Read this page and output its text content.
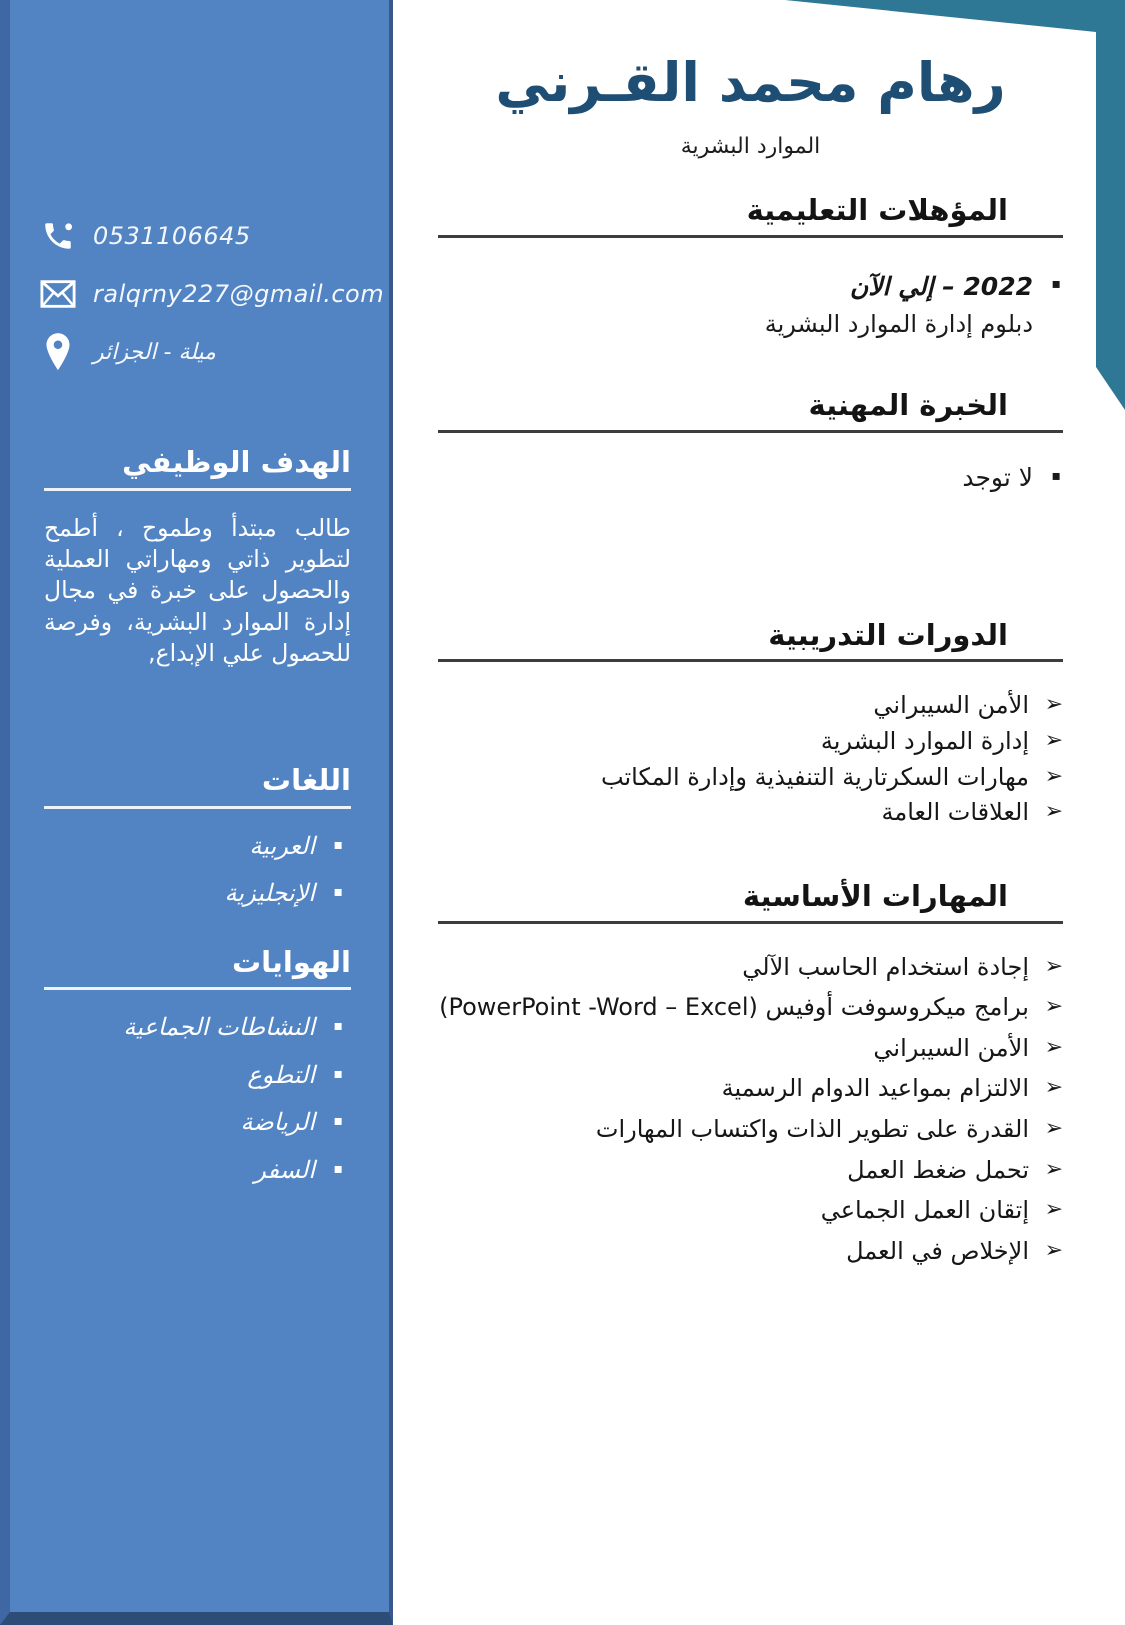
0531106645
ralqrny227@gmail.com
ميلة - الجزائر
الهدف الوظيفي

طالب مبتدأ وطموح ، أطمح لتطوير ذاتي ومهاراتي العملية والحصول على خبرة في مجال إدارة الموارد البشرية، وفرصة للحصول علي الإبداع,

اللغات
▪
العربية
▪
الإنجليزية
الهوايات
▪
النشاطات الجماعية
▪
التطوع
▪
الرياضة
▪
السفر
رهام محمد القـرني
الموارد البشرية
المؤهلات التعليمية
▪
2022 – إلي الآن
دبلوم إدارة الموارد البشرية
الخبرة المهنية
▪
لا توجد
الدورات التدريبية
➢
الأمن السيبراني
➢
إدارة الموارد البشرية
➢
مهارات السكرتارية التنفيذية وإدارة المكاتب
➢
العلاقات العامة
المهارات الأساسية
➢
إجادة استخدام الحاسب الآلي
➢
برامج ميكروسوفت أوفيس (PowerPoint -Word – Excel)
➢
الأمن السيبراني
➢
الالتزام بمواعيد الدوام الرسمية
➢
القدرة على تطوير الذات واكتساب المهارات
➢
تحمل ضغط العمل
➢
إتقان العمل الجماعي
➢
الإخلاص في العمل
